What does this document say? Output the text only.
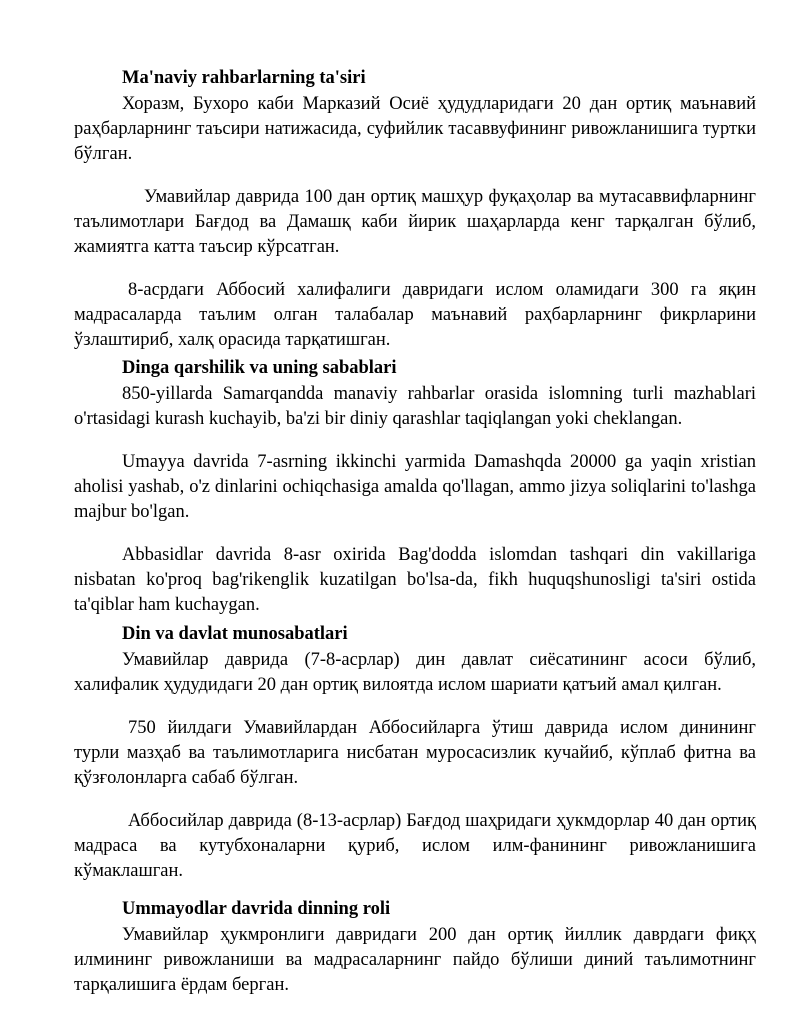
Ma'naviy rahbarlarning ta'siri

Хоразм, Бухоро каби Марказий Осиё ҳудудларидаги 20 дан ортиқ маънавий раҳбарларнинг таъсири натижасида, суфийлик тасаввуфининг ривожланишига туртки бўлган.

Умавийлар даврида 100 дан ортиқ машҳур фуқаҳолар ва мутасаввифларнинг таълимотлари Бағдод ва Дамашқ каби йирик шаҳарларда кенг тарқалган бўлиб, жамиятга катта таъсир кўрсатган.

8-асрдаги Аббосий халифалиги давридаги ислом оламидаги 300 га яқин мадрасаларда таълим олган талабалар маънавий раҳбарларнинг фикрларини ўзлаштириб, халқ орасида тарқатишган.

Dinga qarshilik va uning sabablari

850-yillarda Samarqandda manaviy rahbarlar orasida islomning turli mazhablari o'rtasidagi kurash kuchayib, ba'zi bir diniy qarashlar taqiqlangan yoki cheklangan.

Umayya davrida 7-asrning ikkinchi yarmida Damashqda 20000 ga yaqin xristian aholisi yashab, o'z dinlarini ochiqchasiga amalda qo'llagan, ammo jizya soliqlarini to'lashga majbur bo'lgan.

Abbasidlar davrida 8-asr oxirida Bag'dodda islomdan tashqari din vakillariga nisbatan ko'proq bag'rikenglik kuzatilgan bo'lsa-da, fikh huquqshunosligi ta'siri ostida ta'qiblar ham kuchaygan.

Din va davlat munosabatlari

Умавийлар даврида (7-8-асрлар) дин давлат сиёсатининг асоси бўлиб, халифалик ҳудудидаги 20 дан ортиқ вилоятда ислом шариати қатъий амал қилган.

750 йилдаги Умавийлардан Аббосийларга ўтиш даврида ислом динининг турли мазҳаб ва таълимотларига нисбатан муросасизлик кучайиб, кўплаб фитна ва қўзғолонларга сабаб бўлган.

Аббосийлар даврида (8-13-асрлар) Бағдод шаҳридаги ҳукмдорлар 40 дан ортиқ мадраса ва кутубхоналарни қуриб, ислом илм-фанининг ривожланишига кўмаклашган.

Ummayodlar davrida dinning roli

Умавийлар ҳукмронлиги давридаги 200 дан ортиқ йиллик даврдаги фиқҳ илмининг ривожланиши ва мадрасаларнинг пайдо бўлиши диний таълимотнинг тарқалишига ёрдам берган.
